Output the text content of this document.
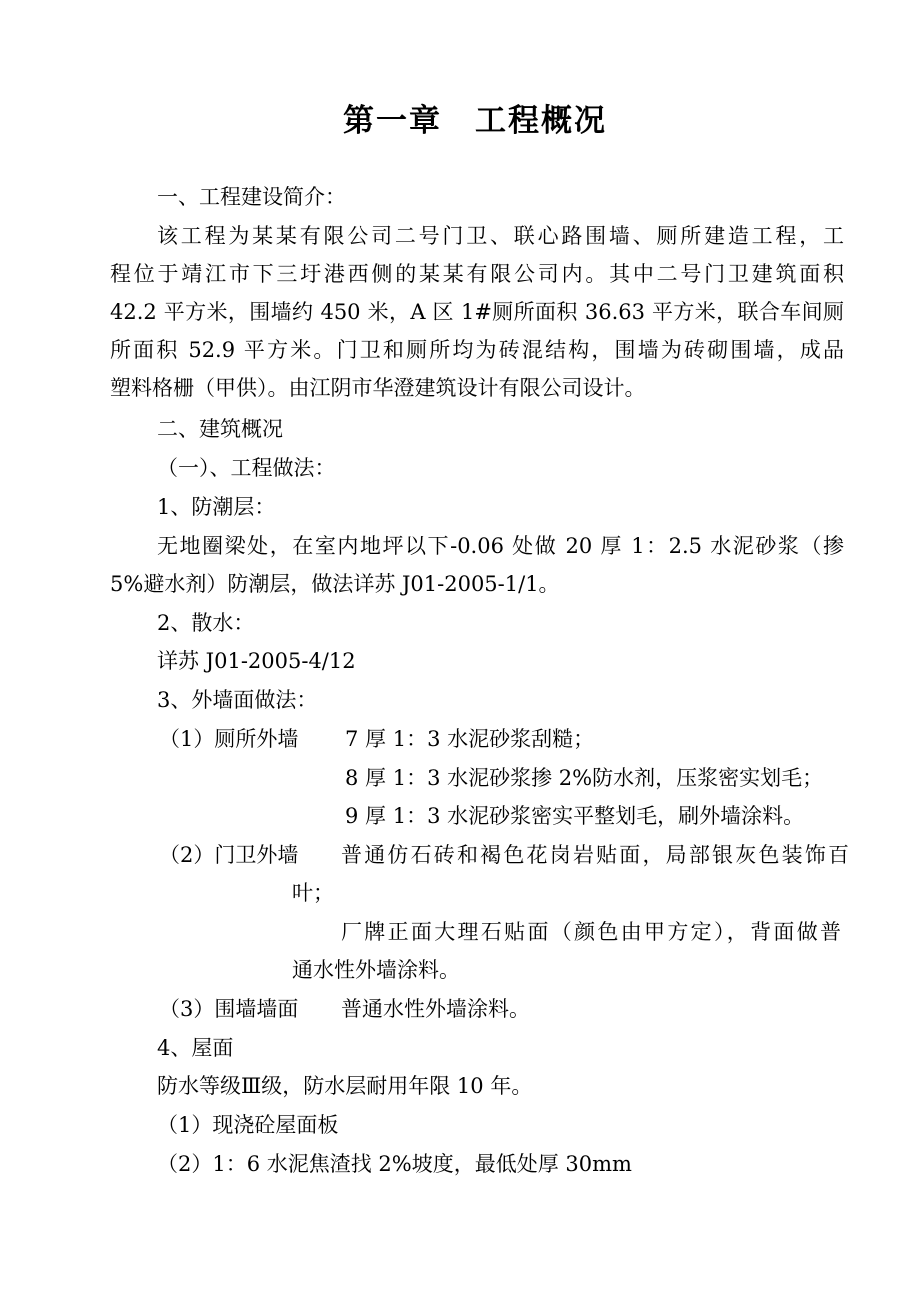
第一章　工程概况
一、工程建设简介：
该工程为某某有限公司二号门卫、联心路围墙、厕所建造工程，工
程位于靖江市下三圩港西侧的某某有限公司内。其中二号门卫建筑面积
42.2 平方米，围墙约 450 米，A 区 1#厕所面积 36.63 平方米，联合车间厕
所面积 52.9 平方米。门卫和厕所均为砖混结构，围墙为砖砌围墙，成品
塑料格栅（甲供）。由江阴市华澄建筑设计有限公司设计。
二、建筑概况
（一）、工程做法：
1、防潮层：
无地圈梁处，在室内地坪以下-0.06 处做 20 厚 1：2.5 水泥砂浆（掺
5%避水剂）防潮层，做法详苏 J01-2005-1/1。
2、散水：
详苏 J01-2005-4/12
3、外墙面做法：
（1）厕所外墙 7 厚 1：3 水泥砂浆刮糙；
8 厚 1：3 水泥砂浆掺 2%防水剂，压浆密实划毛；
9 厚 1：3 水泥砂浆密实平整划毛，刷外墙涂料。
（2）门卫外墙 普通仿石砖和褐色花岗岩贴面，局部银灰色装饰百
叶；
厂牌正面大理石贴面（颜色由甲方定），背面做普
通水性外墙涂料。
（3）围墙墙面 普通水性外墙涂料。
4、屋面
防水等级Ⅲ级，防水层耐用年限 10 年。
（1）现浇砼屋面板
（2）1：6 水泥焦渣找 2%坡度，最低处厚 30mm
